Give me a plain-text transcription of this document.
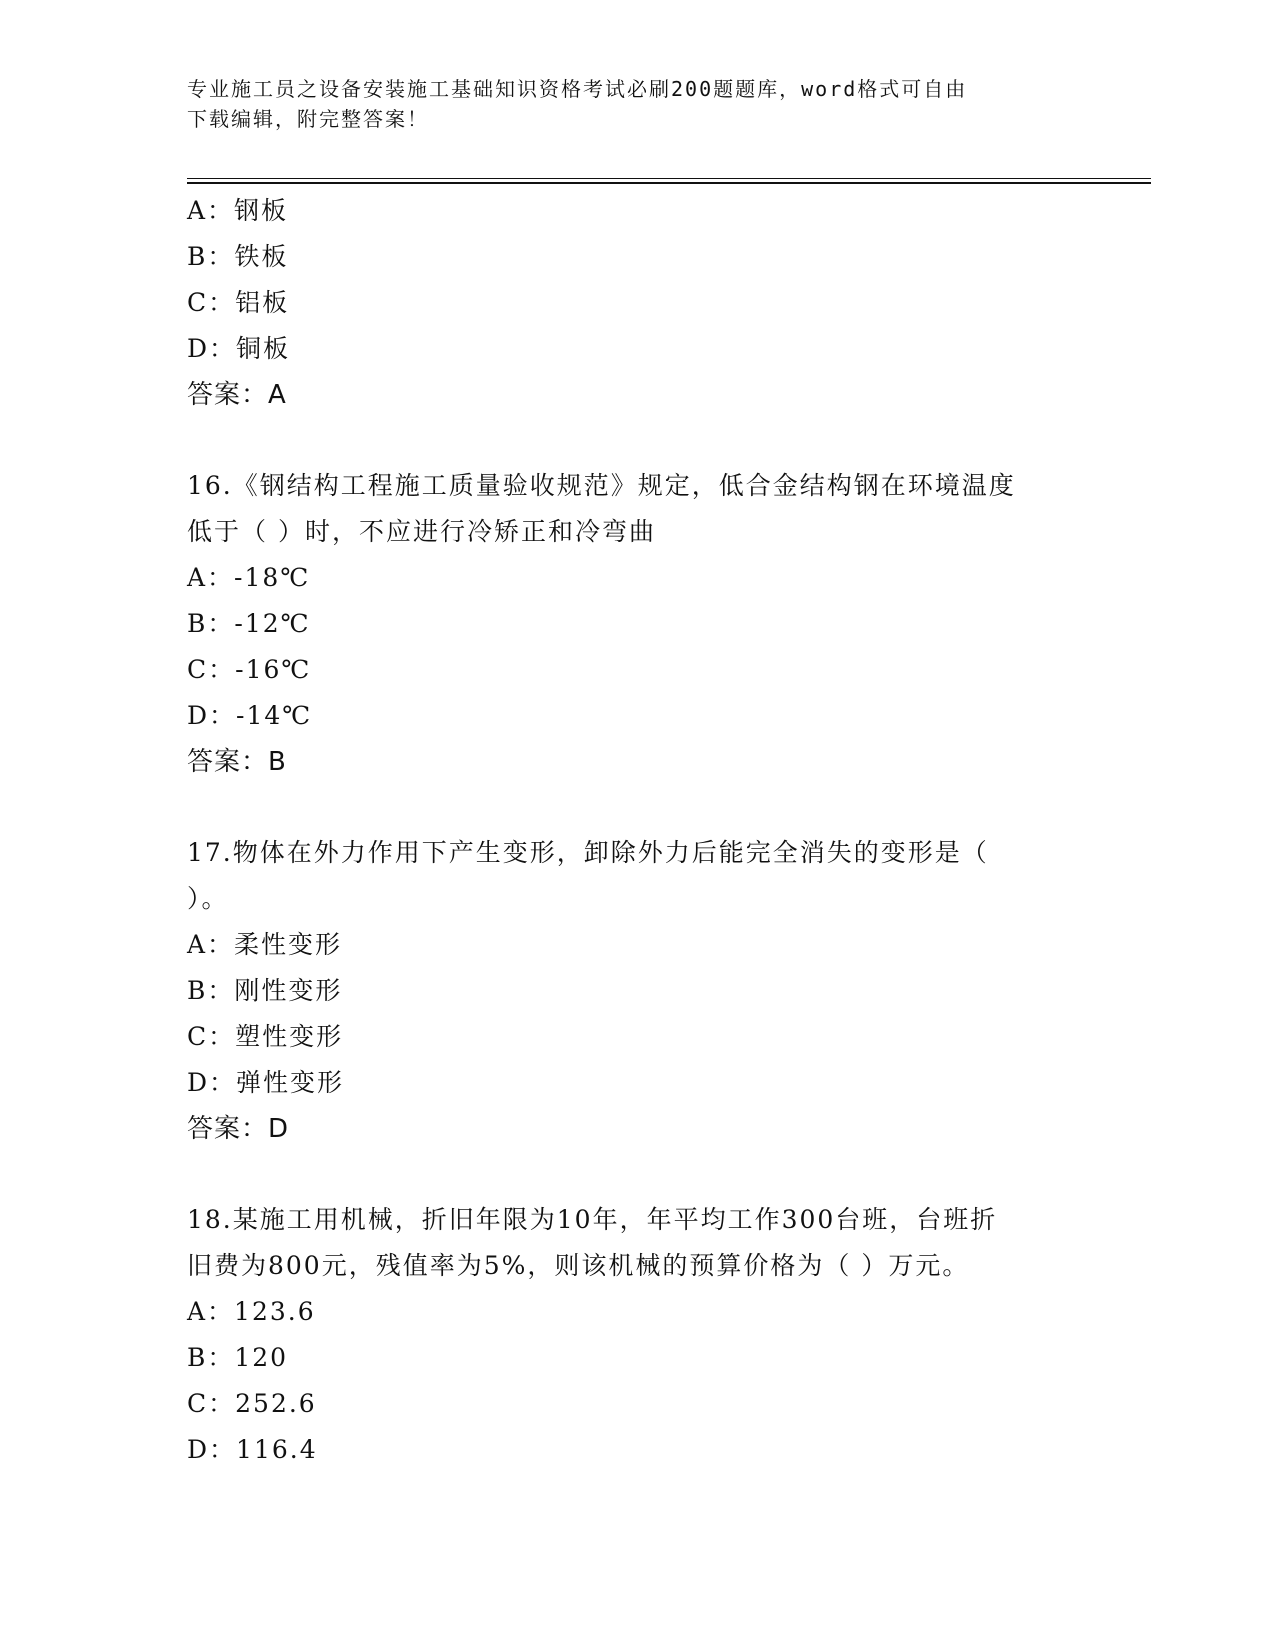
专业施工员之设备安装施工基础知识资格考试必刷200题题库，word格式可自由
下载编辑，附完整答案！
A：钢板
B：铁板
C：铝板
D：铜板
答案：A
16.《钢结构工程施工质量验收规范》规定，低合金结构钢在环境温度
低于（ ）时，不应进行冷矫正和冷弯曲
A：-18℃
B：-12℃
C：-16℃
D：-14℃
答案：B
17.物体在外力作用下产生变形，卸除外力后能完全消失的变形是（
）。
A：柔性变形
B：刚性变形
C：塑性变形
D：弹性变形
答案：D
18.某施工用机械，折旧年限为10年，年平均工作300台班，台班折
旧费为800元，残值率为5%，则该机械的预算价格为（ ）万元。
A：123.6
B：120
C：252.6
D：116.4
